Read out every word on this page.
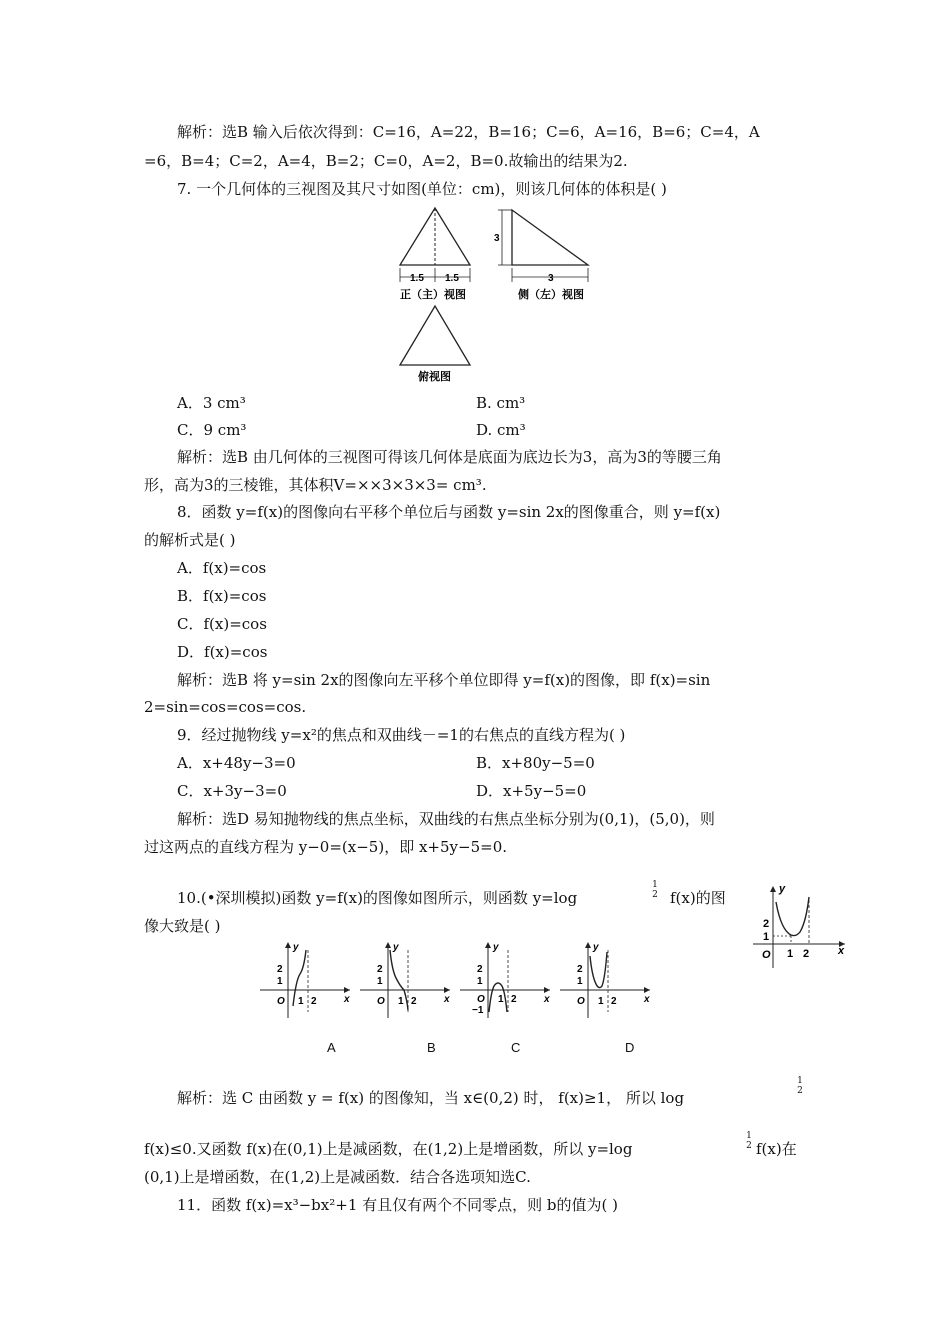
解析：选B 输入后依次得到：C=16，A=22，B=16；C=6，A=16，B=6；C=4，A
=6，B=4；C=2，A=4，B=2；C=0，A=2，B=0.故输出的结果为2.
7. 一个几何体的三视图及其尺寸如图(单位：cm)，则该几何体的体积是( )
1.5 1.5
正（主）视图
3
3
侧（左）视图
俯视图
A．3 cm³	B. cm³
C．9 cm³	D. cm³
解析：选B 由几何体的三视图可得该几何体是底面为底边长为3，高为3的等腰三角
形，高为3的三棱锥，其体积V=××3×3×3= cm³.
8．函数 y=f(x)的图像向右平移个单位后与函数 y=sin 2x的图像重合，则 y=f(x)
的解析式是( )
A．f(x)=cos
B．f(x)=cos
C．f(x)=cos
D．f(x)=cos
解析：选B 将 y=sin 2x的图像向左平移个单位即得 y=f(x)的图像，即 f(x)=sin
2=sin=cos=cos=cos.
9．经过抛物线 y=x²的焦点和双曲线－=1的右焦点的直线方程为( )
A．x+48y−3=0	B．x+80y−5=0
C．x+3y−3=0	D．x+5y−5=0
解析：选D 易知抛物线的焦点坐标，双曲线的右焦点坐标分别为(0,1)，(5,0)，则
过这两点的直线方程为 y−0=(x−5)，即 x+5y−5=0.
10.(•深圳模拟)函数 y=f(x)的图像如图所示，则函数 y=log
1
2 f(x)的图
像大致是( )
y
x
O 1 2
2
1
y
x
O 1 2
2
1
y
x
O 1 2
2
1
y
x
O 1 2
2
1
−1
y
x
O 1 2
2
1
A	B	C	D
解析：选 C 由函数 y = f(x) 的图像知，当 x∈(0,2) 时， f(x)≥1， 所以 log
1
2
f(x)≤0.又函数 f(x)在(0,1)上是减函数，在(1,2)上是增函数，所以 y=log
1
2 f(x)在
(0,1)上是增函数，在(1,2)上是减函数．结合各选项知选C.
11．函数 f(x)=x³−bx²+1 有且仅有两个不同零点，则 b的值为( )
